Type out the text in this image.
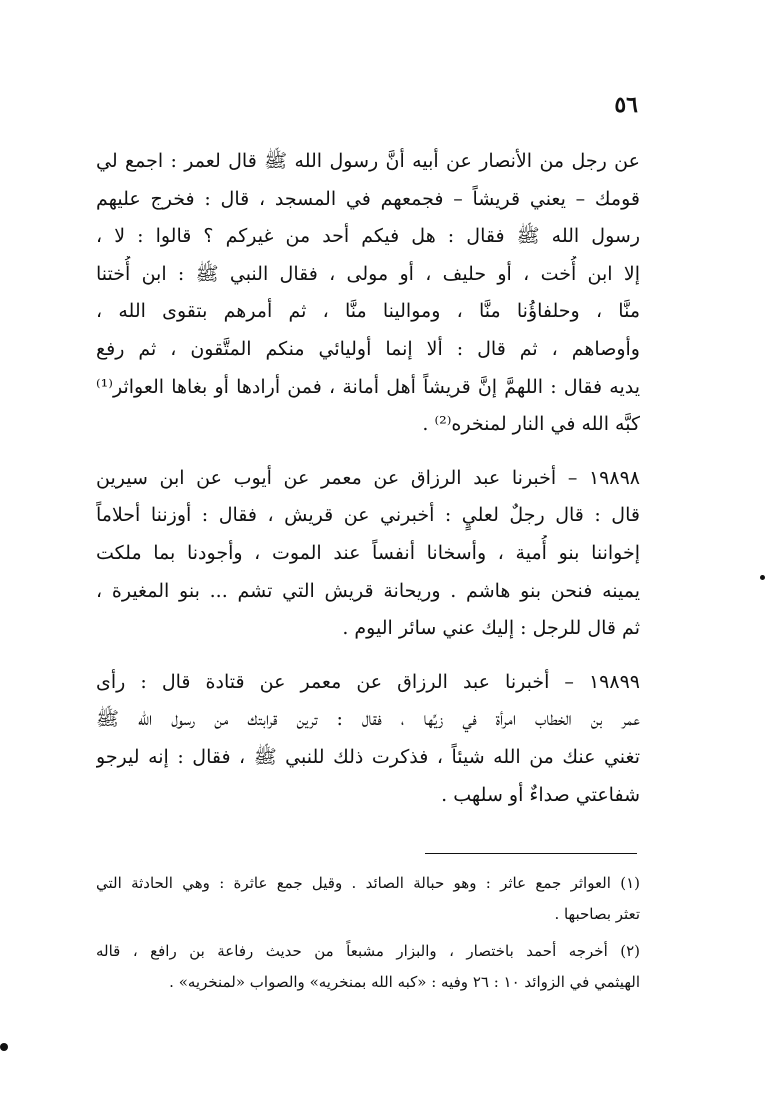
٥٦
عن رجل من الأنصار عن أبيه أنَّ رسول الله ﷺ قال لعمر : اجمع لي
قومك – يعني قريشاً – فجمعهم في المسجد ، قال : فخرج عليهم
رسول الله ﷺ فقال : هل فيكم أحد من غيركم ؟ قالوا : لا ،
إلا ابن أُخت ، أو حليف ، أو مولى ، فقال النبي ﷺ : ابن أُختنا
منَّا ، وحلفاؤُنا منَّا ، وموالينا منَّا ، ثم أمرهم بتقوى الله ،
وأوصاهم ، ثم قال : ألا إنما أوليائي منكم المتَّقون ، ثم رفع
يديه فقال : اللهمَّ إنَّ قريشاً أهل أمانة ، فمن أرادها أو بغاها العواثر⁽¹⁾
كبَّه الله في النار لمنخره⁽²⁾ .
١٩٨٩٨ – أخبرنا عبد الرزاق عن معمر عن أيوب عن ابن سيرين
قال : قال رجلٌ لعليٍ : أخبرني عن قريش ، فقال : أوزننا أحلاماً
إخواننا بنو أُمية ، وأسخانا أنفساً عند الموت ، وأجودنا بما ملكت
يمينه فنحن بنو هاشم . وريحانة قريش التي تشم ... بنو المغيرة ،
ثم قال للرجل : إليك عني سائر اليوم .
١٩٨٩٩ – أخبرنا عبد الرزاق عن معمر عن قتادة قال : رأى
عمر بن الخطاب امرأة في زيِّها ، فقال : ترين قرابتك من رسول الله ﷺ
تغني عنك من الله شيئاً ، فذكرت ذلك للنبي ﷺ ، فقال : إنه ليرجو
شفاعتي صداءٌ أو سلهب .
(١) العواثر جمع عاثر : وهو حبالة الصائد . وقيل جمع عاثرة : وهي الحادثة التي
تعثر بصاحبها .
(٢) أخرجه أحمد باختصار ، والبزار مشبعاً من حديث رفاعة بن رافع ، قاله
الهيثمي في الزوائد ١٠ : ٢٦ وفيه : «كبه الله بمنخريه» والصواب «لمنخريه» .
